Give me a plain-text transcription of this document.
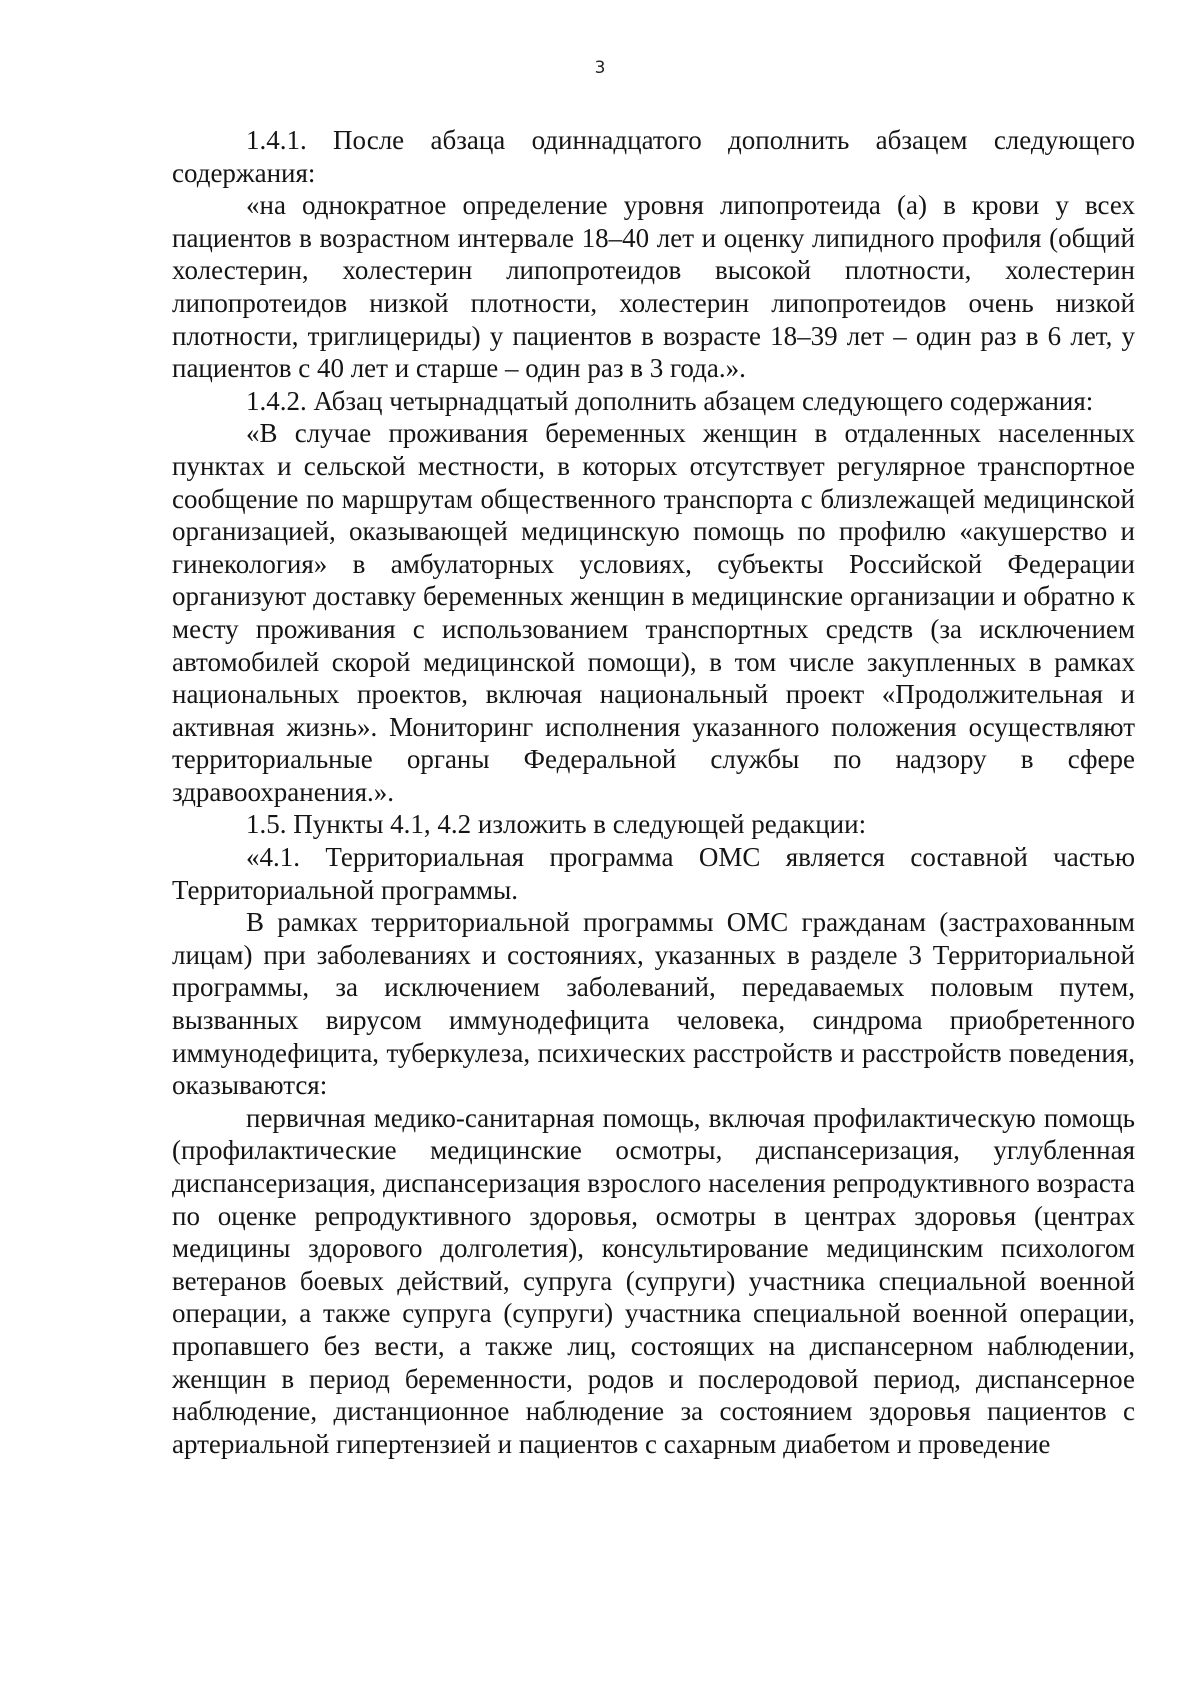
3

1.4.1. После абзаца одиннадцатого дополнить абзацем следующего содержания:

«на однократное определение уровня липопротеида (а) в крови у всех пациентов в возрастном интервале 18–40 лет и оценку липидного профиля (общий холестерин, холестерин липопротеидов высокой плотности, холестерин липопротеидов низкой плотности, холестерин липопротеидов очень низкой плотности, триглицериды) у пациентов в возрасте 18–39 лет – один раз в 6 лет, у пациентов с 40 лет и старше – один раз в 3 года.».

1.4.2. Абзац четырнадцатый дополнить абзацем следующего содержания:

«В случае проживания беременных женщин в отдаленных населенных пунктах и сельской местности, в которых отсутствует регулярное транспортное сообщение по маршрутам общественного транспорта с близлежащей медицинской организацией, оказывающей медицинскую помощь по профилю «акушерство и гинекология» в амбулаторных условиях, субъекты Российской Федерации организуют доставку беременных женщин в медицинские организации и обратно к месту проживания с использованием транспортных средств (за исключением автомобилей скорой медицинской помощи), в том числе закупленных в рамках национальных проектов, включая национальный проект «Продолжительная и активная жизнь». Мониторинг исполнения указанного положения осуществляют территориальные органы Федеральной службы по надзору в сфере здравоохранения.».

1.5. Пункты 4.1, 4.2 изложить в следующей редакции:

«4.1. Территориальная программа ОМС является составной частью Территориальной программы.

В рамках территориальной программы ОМС гражданам (застрахованным лицам) при заболеваниях и состояниях, указанных в разделе 3 Территориальной программы, за исключением заболеваний, передаваемых половым путем, вызванных вирусом иммунодефицита человека, синдрома приобретенного иммунодефицита, туберкулеза, психических расстройств и расстройств поведения, оказываются:

первичная медико-санитарная помощь, включая профилактическую помощь (профилактические медицинские осмотры, диспансеризация, углубленная диспансеризация, диспансеризация взрослого населения репродуктивного возраста по оценке репродуктивного здоровья, осмотры в центрах здоровья (центрах медицины здорового долголетия), консультирование медицинским психологом ветеранов боевых действий, супруга (супруги) участника специальной военной операции, а также супруга (супруги) участника специальной военной операции, пропавшего без вести, а также лиц, состоящих на диспансерном наблюдении, женщин в период беременности, родов и послеродовой период, диспансерное наблюдение, дистанционное наблюдение за состоянием здоровья пациентов с артериальной гипертензией и пациентов с сахарным диабетом и проведение
